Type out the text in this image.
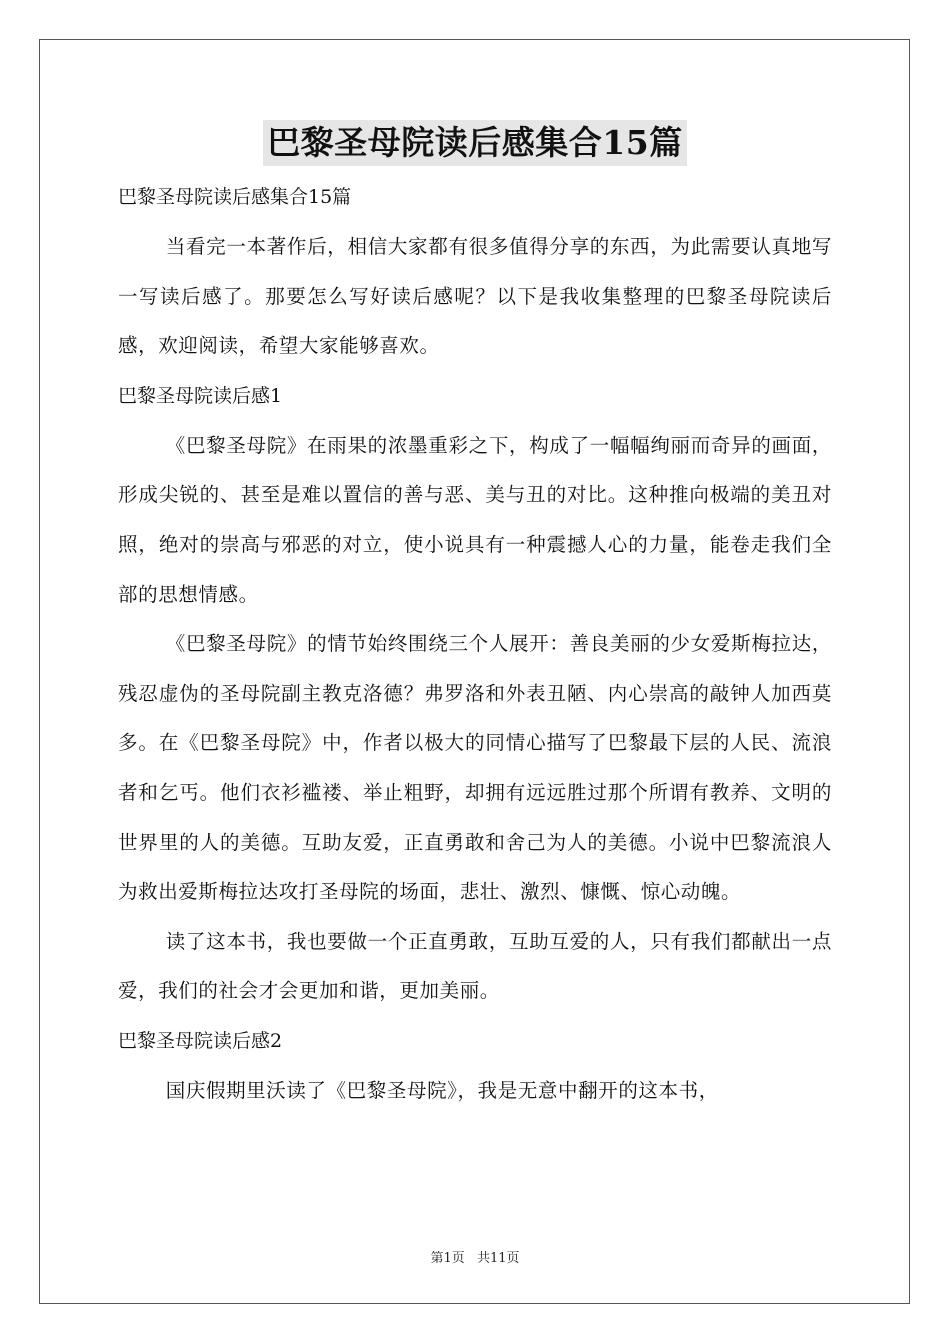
巴黎圣母院读后感集合15篇
巴黎圣母院读后感集合15篇

当看完一本著作后，相信大家都有很多值得分享的东西，为此需要认真地写一写读后感了。那要怎么写好读后感呢？以下是我收集整理的巴黎圣母院读后感，欢迎阅读，希望大家能够喜欢。

巴黎圣母院读后感1

《巴黎圣母院》在雨果的浓墨重彩之下，构成了一幅幅绚丽而奇异的画面，形成尖锐的、甚至是难以置信的善与恶、美与丑的对比。这种推向极端的美丑对照，绝对的崇高与邪恶的对立，使小说具有一种震撼人心的力量，能卷走我们全部的思想情感。

《巴黎圣母院》的情节始终围绕三个人展开：善良美丽的少女爱斯梅拉达，残忍虚伪的圣母院副主教克洛德？弗罗洛和外表丑陋、内心崇高的敲钟人加西莫多。在《巴黎圣母院》中，作者以极大的同情心描写了巴黎最下层的人民、流浪者和乞丐。他们衣衫褴褛、举止粗野，却拥有远远胜过那个所谓有教养、文明的世界里的人的美德。互助友爱，正直勇敢和舍己为人的美德。小说中巴黎流浪人为救出爱斯梅拉达攻打圣母院的场面，悲壮、激烈、慷慨、惊心动魄。

读了这本书，我也要做一个正直勇敢，互助互爱的人，只有我们都献出一点爱，我们的社会才会更加和谐，更加美丽。

巴黎圣母院读后感2

国庆假期里沃读了《巴黎圣母院》，我是无意中翻开的这本书，

第1页 共11页
